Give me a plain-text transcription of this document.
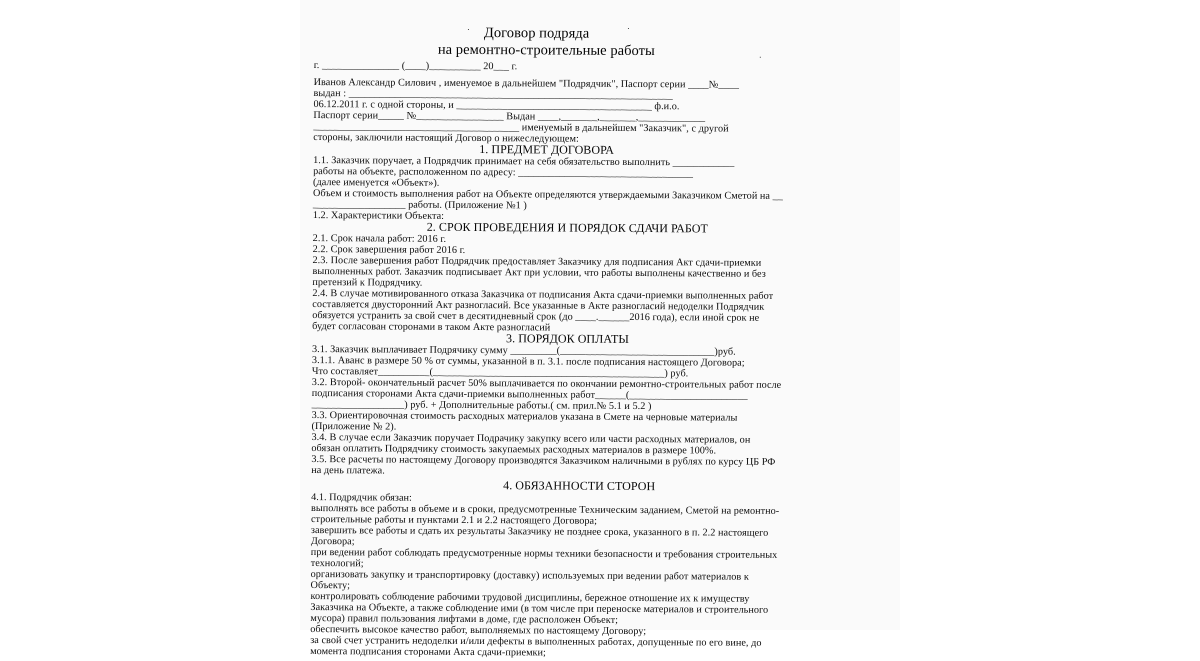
Договор подряда
на ремонтно-строительные работы
г. _______________ (____)__________ 20___ г.
Иванов Александр Силович , именуемое в дальнейшем "Подрядчик", Паспорт серии ____№____
выдан : _______________________________________________________________
06.12.2011 г. с одной стороны, и ______________________________________ ф.и.о.
Паспорт серии_____ №_________________ Выдан ____,_______,_______,_____________
________________________________________ именуемый в дальнейшем "Заказчик", с другой
стороны, заключили настоящий Договор о нижеследующем:
1. ПРЕДМЕТ ДОГОВОРА
1.1. Заказчик поручает, а Подрядчик принимает на себя обязательство выполнить ____________
работы на объекте, расположенном по адресу: __________________________________
(далее именуется «Объект»).
Объем и стоимость выполнения работ на Объекте определяются утверждаемыми Заказчиком Сметой на __
__________________ работы. (Приложение №1 )
1.2. Характеристики Объекта:
2. СРОК ПРОВЕДЕНИЯ И ПОРЯДОК СДАЧИ РАБОТ
2.1. Срок начала работ: 2016 г.
2.2. Срок завершения работ 2016 г.
2.3. После завершения работ Подрядчик предоставляет Заказчику для подписания Акт сдачи-приемки
выполненных работ. Заказчик подписывает Акт при условии, что работы выполнены качественно и без
претензий к Подрядчику.
2.4. В случае мотивированного отказа Заказчика от подписания Акта сдачи-приемки выполненных работ
составляется двусторонний Акт разногласий. Все указанные в Акте разногласий недоделки Подрядчик
обязуется устранить за свой счет в десятидневный срок (до ____.______2016 года), если иной срок не
будет согласован сторонами в таком Акте разногласий
3. ПОРЯДОК ОПЛАТЫ
3.1. Заказчик выплачивает Подрячику сумму _________(______________________________)руб.
3.1.1. Аванс в размере 50 % от суммы, указанной в п. 3.1. после подписания настоящего Договора;
Что составляет__________(_____________________________________________) руб.
3.2. Второй- окончательный расчет 50% выплачивается по окончании ремонтно-строительных работ после
подписания сторонами Акта сдачи-приемки выполненных работ______(_______________________
__________________) руб. + Дополнительные работы.( см. прил.№ 5.1 и 5.2 )
3.3. Ориентировочная стоимость расходных материалов указана в Смете на черновые материалы
(Приложение № 2).
3.4. В случае если Заказчик поручает Подрачику закупку всего или части расходных материалов, он
обязан оплатить Подрядчику стоимость закупаемых расходных материалов в размере 100%.
3.5. Все расчеты по настоящему Договору производятся Заказчиком наличными в рублях по курсу ЦБ РФ
на день платежа.
4. ОБЯЗАННОСТИ СТОРОН
4.1. Подрядчик обязан:
выполнять все работы в объеме и в сроки, предусмотренные Техническим заданием, Сметой на ремонтно-
строительные работы и пунктами 2.1 и 2.2 настоящего Договора;
завершить все работы и сдать их результаты Заказчику не позднее срока, указанного в п. 2.2 настоящего
Договора;
при ведении работ соблюдать предусмотренные нормы техники безопасности и требования строительных
технологий;
организовать закупку и транспортировку (доставку) используемых при ведении работ материалов к
Объекту;
контролировать соблюдение рабочими трудовой дисциплины, бережное отношение их к имуществу
Заказчика на Объекте, а также соблюдение ими (в том числе при переноске материалов и строительного
мусора) правил пользования лифтами в доме, где расположен Объект;
обеспечить высокое качество работ, выполняемых по настоящему Договору;
за свой счет устранить недоделки и/или дефекты в выполненных работах, допущенные по его вине, до
момента подписания сторонами Акта сдачи-приемки;
